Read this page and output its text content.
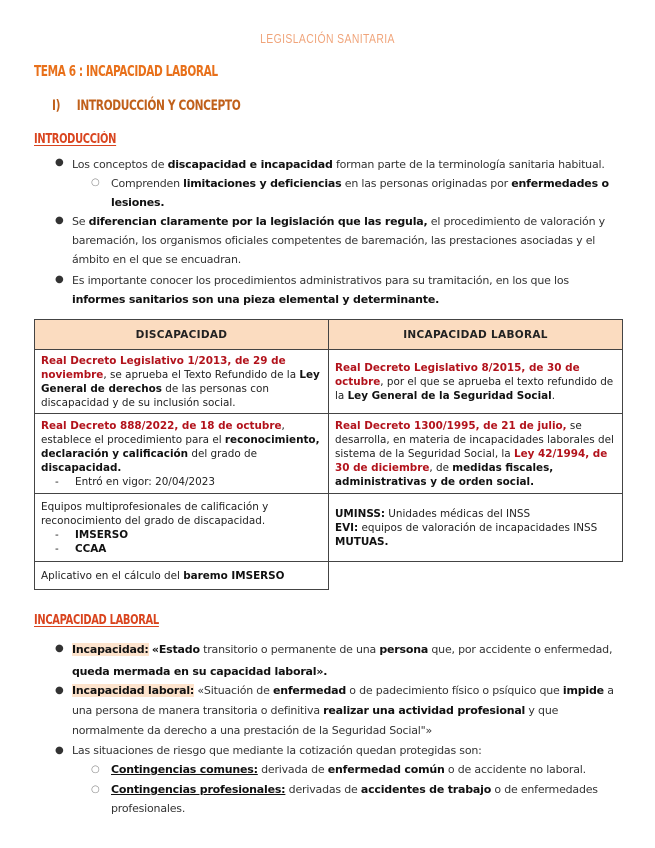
LEGISLACIÓN SANITARIA
TEMA 6 : INCAPACIDAD LABORAL
I) INTRODUCCIÓN Y CONCEPTO
INTRODUCCIÓN
● Los conceptos de discapacidad e incapacidad forman parte de la terminología sanitaria habitual.
○ Comprenden limitaciones y deficiencias en las personas originadas por enfermedades o
lesiones.
● Se diferencian claramente por la legislación que las regula, el procedimiento de valoración y
baremación, los organismos oficiales competentes de baremación, las prestaciones asociadas y el
ámbito en el que se encuadran.
● Es importante conocer los procedimientos administrativos para su tramitación, en los que los
informes sanitarios son una pieza elemental y determinante.
DISCAPACIDAD	INCAPACIDAD LABORAL
Real Decreto Legislativo 1/2013, de 29 de noviembre, se aprueba el Texto Refundido de la Ley General de derechos de las personas con discapacidad y de su inclusión social.	Real Decreto Legislativo 8/2015, de 30 de octubre, por el que se aprueba el texto refundido de la Ley General de la Seguridad Social.
Real Decreto 888/2022, de 18 de octubre, establece el procedimiento para el reconocimiento, declaración y calificación del grado de discapacidad.
- Entró en vigor: 20/04/2023
	Real Decreto 1300/1995, de 21 de julio, se desarrolla, en materia de incapacidades laborales del sistema de la Seguridad Social, la Ley 42/1994, de 30 de diciembre, de medidas fiscales, administrativas y de orden social.
Equipos multiprofesionales de calificación y reconocimiento del grado de discapacidad.
- IMSERSO
- CCAA
	UMINSS: Unidades médicas del INSS
EVI: equipos de valoración de incapacidades INSS
MUTUAS.
Aplicativo en el cálculo del baremo IMSERSO	
INCAPACIDAD LABORAL
● Incapacidad: «Estado transitorio o permanente de una persona que, por accidente o enfermedad,
queda mermada en su capacidad laboral».
● Incapacidad laboral: «Situación de enfermedad o de padecimiento físico o psíquico que impide a
una persona de manera transitoria o definitiva realizar una actividad profesional y que
normalmente da derecho a una prestación de la Seguridad Social"»
● Las situaciones de riesgo que mediante la cotización quedan protegidas son:
○ Contingencias comunes: derivada de enfermedad común o de accidente no laboral.
○ Contingencias profesionales: derivadas de accidentes de trabajo o de enfermedades
profesionales.
